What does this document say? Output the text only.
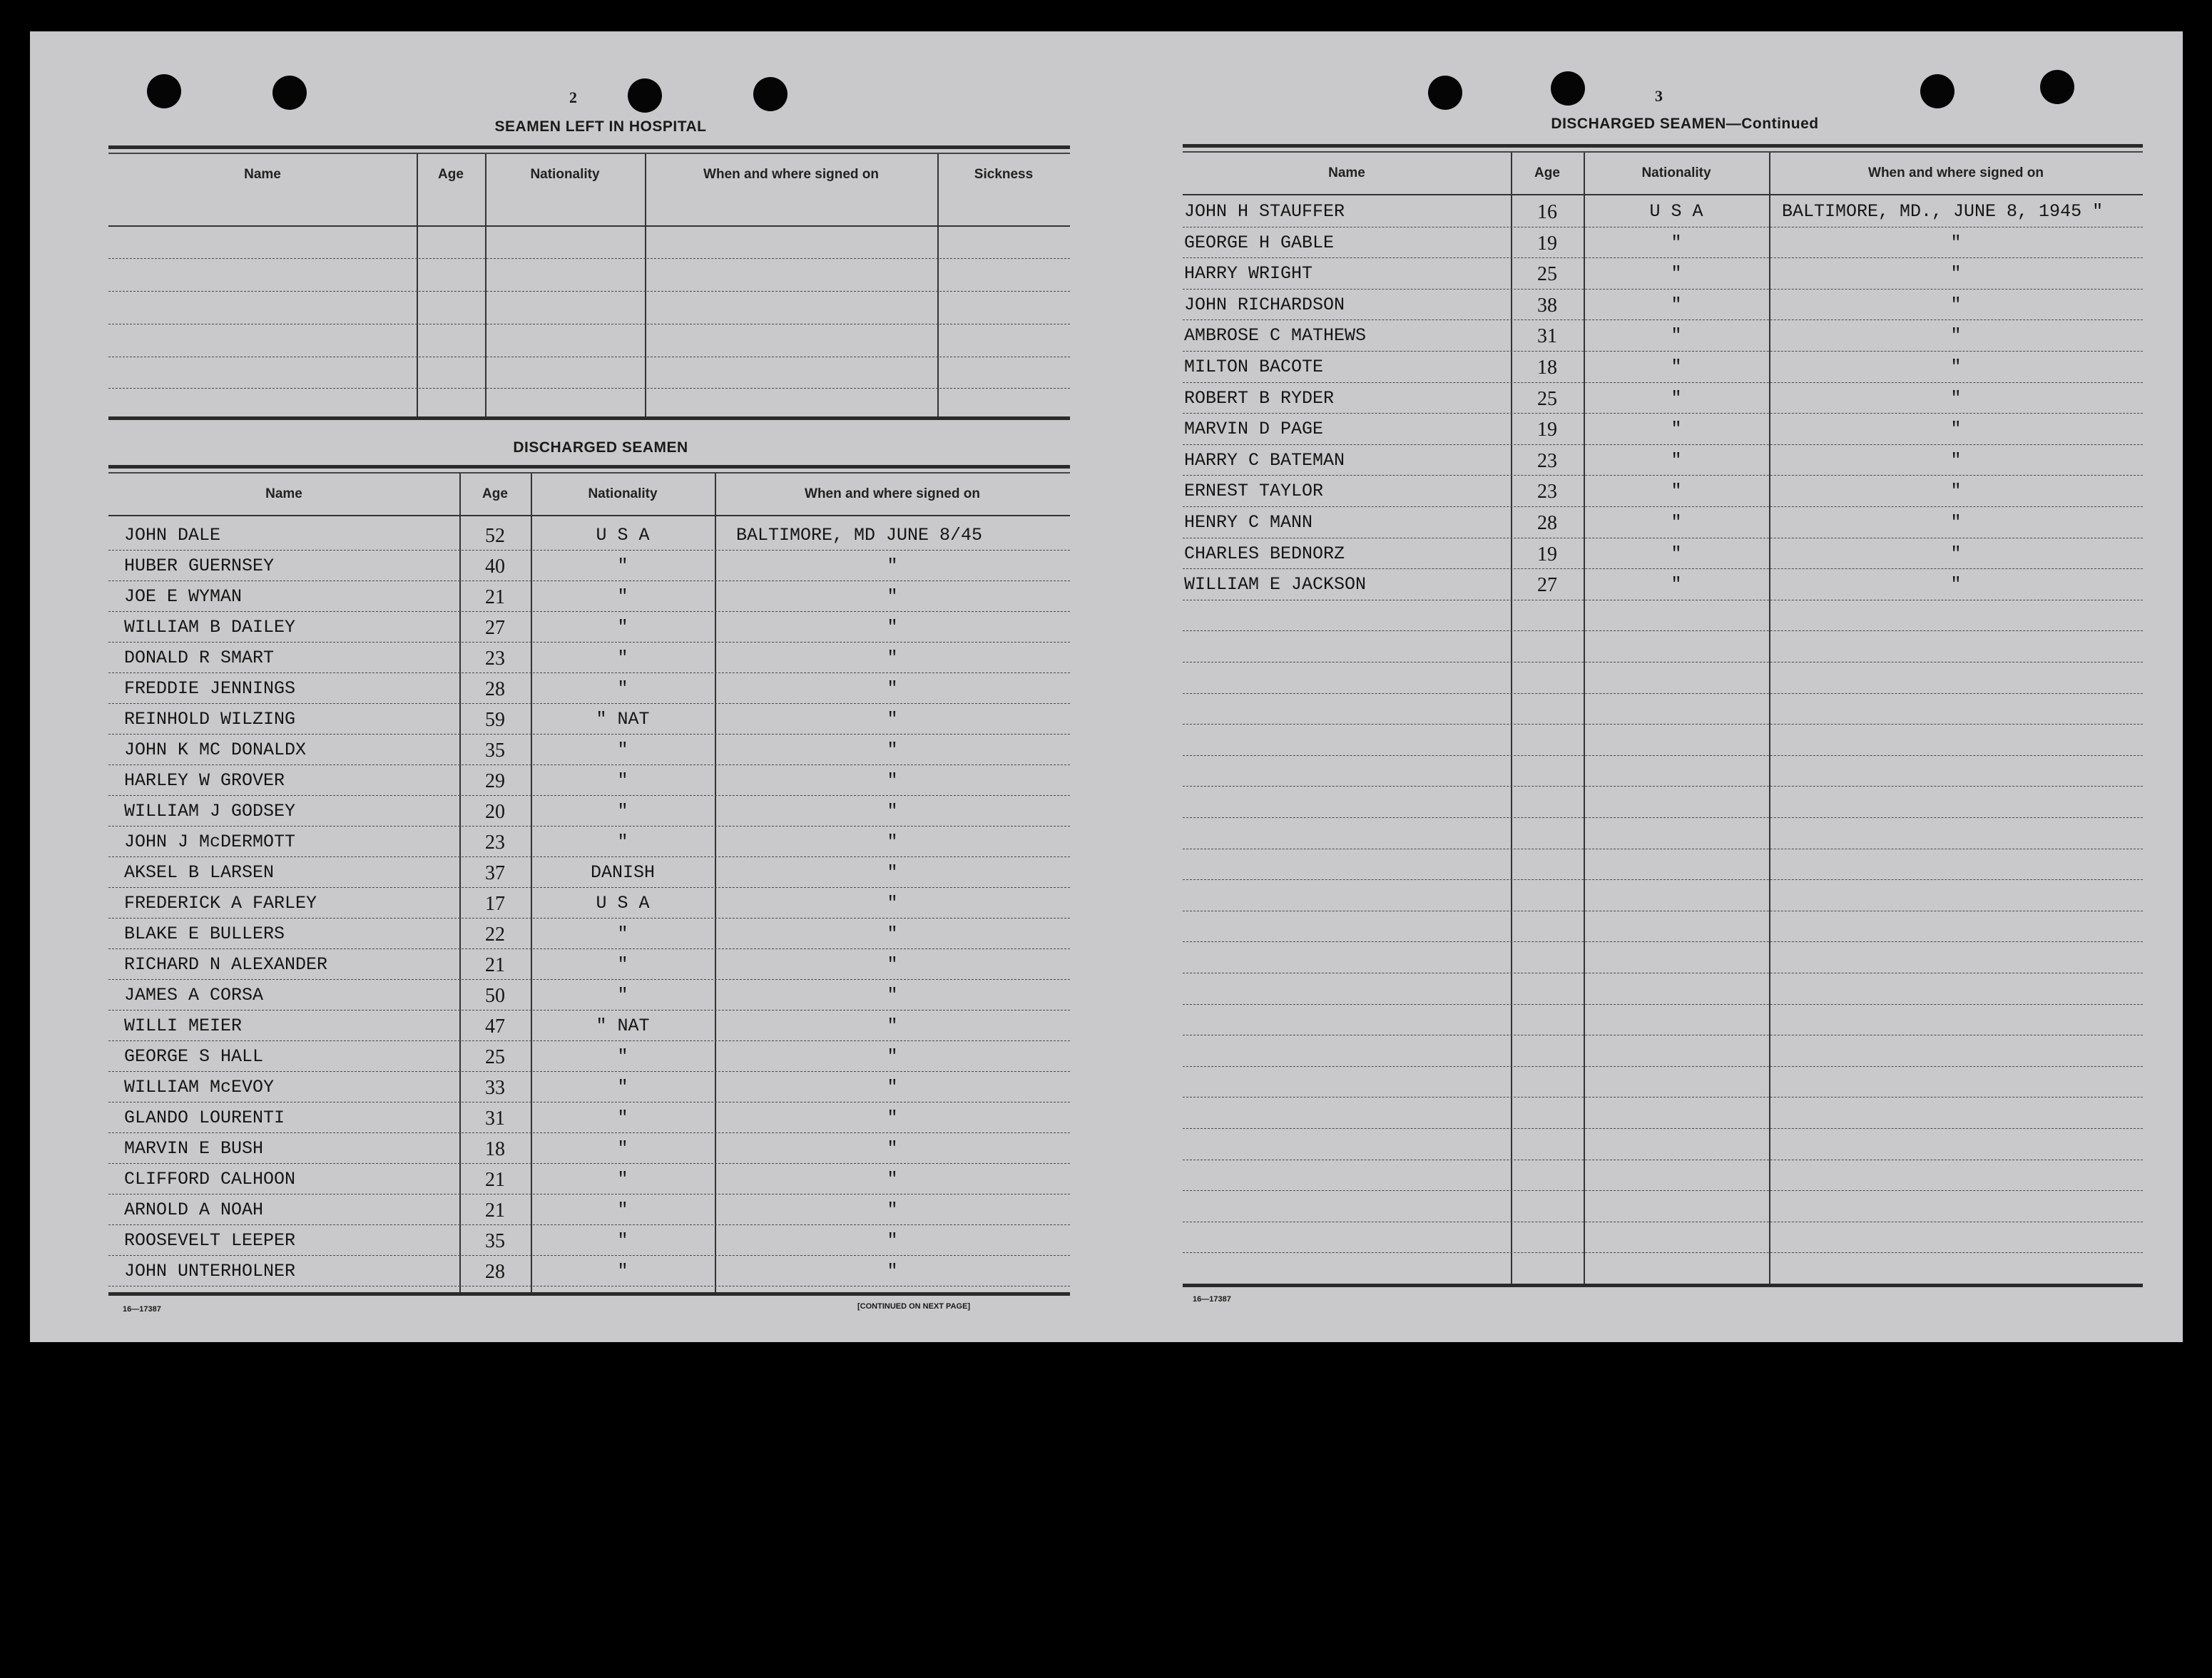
2
SEAMEN LEFT IN HOSPITAL
Name	Age	Nationality	When and where signed on	Sickness
DISCHARGED SEAMEN
Name	Age	Nationality	When and where signed on
JOHN DALE	52	U S A	BALTIMORE, MD JUNE 8/45
HUBER GUERNSEY	40	"	"
JOE E WYMAN	21	"	"
WILLIAM B DAILEY	27	"	"
DONALD R SMART	23	"	"
FREDDIE JENNINGS	28	"	"
REINHOLD WILZING	59	" NAT	"
JOHN K MC DONALDX	35	"	"
HARLEY W GROVER	29	"	"
WILLIAM J GODSEY	20	"	"
JOHN J McDERMOTT	23	"	"
AKSEL B LARSEN	37	DANISH	"
FREDERICK A FARLEY	17	U S A	"
BLAKE E BULLERS	22	"	"
RICHARD N ALEXANDER	21	"	"
JAMES A CORSA	50	"	"
WILLI MEIER	47	" NAT	"
GEORGE S HALL	25	"	"
WILLIAM McEVOY	33	"	"
GLANDO LOURENTI	31	"	"
MARVIN E BUSH	18	"	"
CLIFFORD CALHOON	21	"	"
ARNOLD A NOAH	21	"	"
ROOSEVELT LEEPER	35	"	"
JOHN UNTERHOLNER	28	"	"
16—17387	[CONTINUED ON NEXT PAGE]
3
DISCHARGED SEAMEN—Continued
Name	Age	Nationality	When and where signed on
JOHN H STAUFFER	16	U S A	BALTIMORE, MD., JUNE 8, 1945 "
GEORGE H GABLE	19	"	"
HARRY WRIGHT	25	"	"
JOHN RICHARDSON	38	"	"
AMBROSE C MATHEWS	31	"	"
MILTON BACOTE	18	"	"
ROBERT B RYDER	25	"	"
MARVIN D PAGE	19	"	"
HARRY C BATEMAN	23	"	"
ERNEST TAYLOR	23	"	"
HENRY C MANN	28	"	"
CHARLES BEDNORZ	19	"	"
WILLIAM E JACKSON	27	"	"
16—17387
